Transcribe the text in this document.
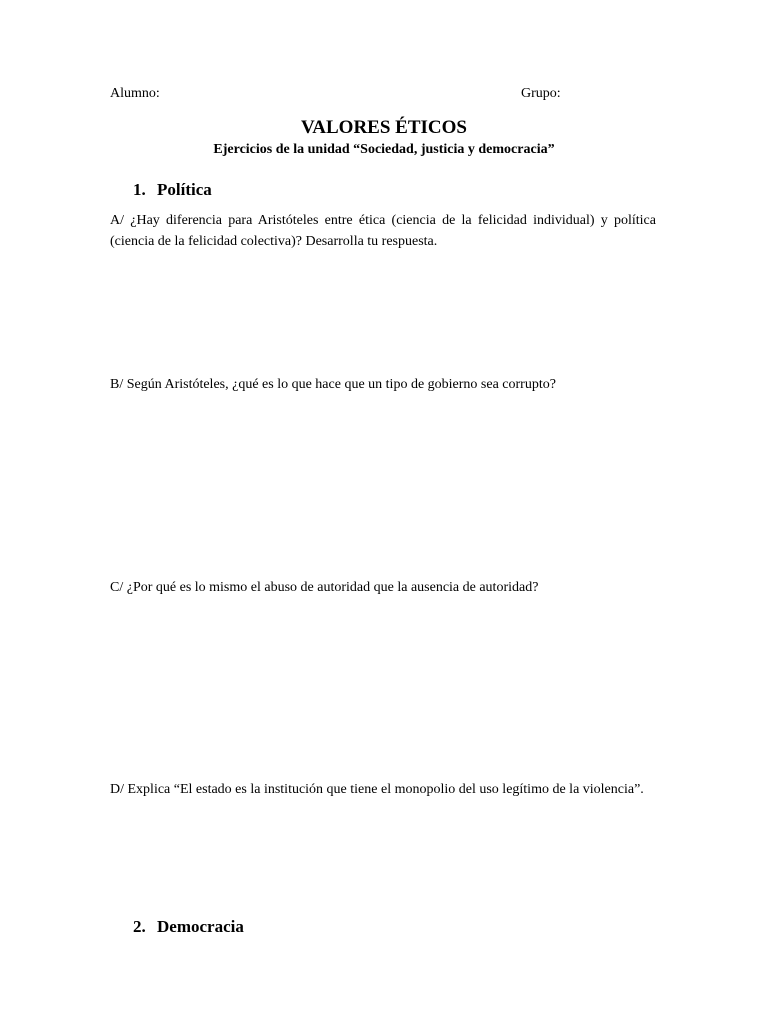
Alumno:	Grupo:
VALORES ÉTICOS
Ejercicios de la unidad “Sociedad, justicia y democracia”
1. Política
A/ ¿Hay diferencia para Aristóteles entre ética (ciencia de la felicidad individual) y política (ciencia de la felicidad colectiva)? Desarrolla tu respuesta.
B/ Según Aristóteles, ¿qué es lo que hace que un tipo de gobierno sea corrupto?
C/ ¿Por qué es lo mismo el abuso de autoridad que la ausencia de autoridad?
D/ Explica “El estado es la institución que tiene el monopolio del uso legítimo de la violencia”.
2. Democracia
